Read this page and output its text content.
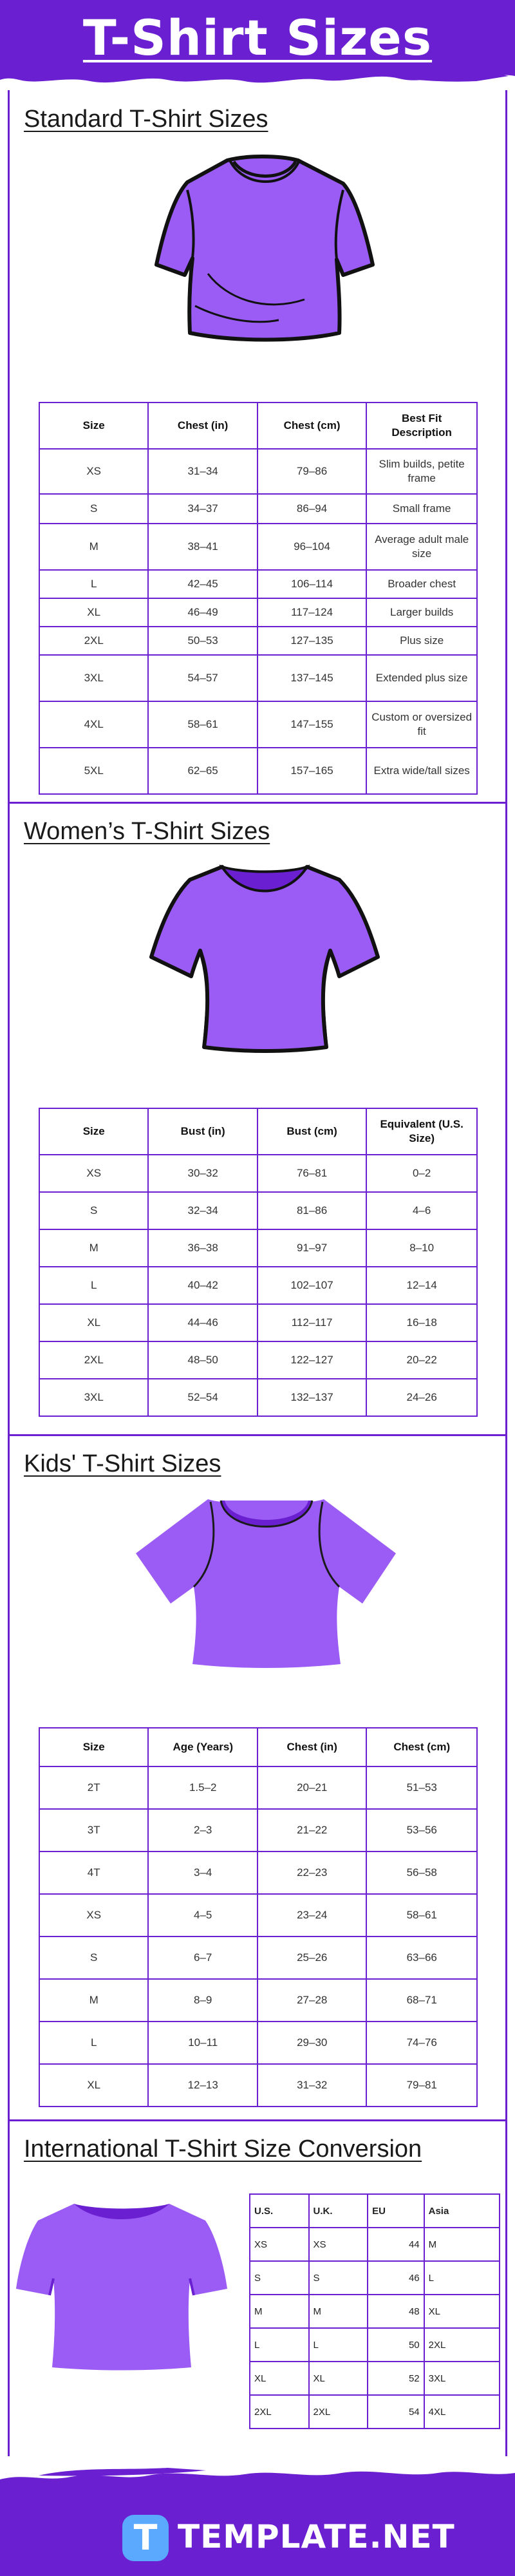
T-Shirt Sizes
Standard T-Shirt Sizes
Size	Chest (in)	Chest (cm)	Best Fit Description
XS	31–34	79–86	Slim builds, petite frame
S	34–37	86–94	Small frame
M	38–41	96–104	Average adult male size
L	42–45	106–114	Broader chest
XL	46–49	117–124	Larger builds
2XL	50–53	127–135	Plus size
3XL	54–57	137–145	Extended plus size
4XL	58–61	147–155	Custom or oversized fit
5XL	62–65	157–165	Extra wide/tall sizes
Women’s T-Shirt Sizes
Size	Bust (in)	Bust (cm)	Equivalent (U.S. Size)
XS	30–32	76–81	0–2
S	32–34	81–86	4–6
M	36–38	91–97	8–10
L	40–42	102–107	12–14
XL	44–46	112–117	16–18
2XL	48–50	122–127	20–22
3XL	52–54	132–137	24–26
Kids' T-Shirt Sizes
Size	Age (Years)	Chest (in)	Chest (cm)
2T	1.5–2	20–21	51–53
3T	2–3	21–22	53–56
4T	3–4	22–23	56–58
XS	4–5	23–24	58–61
S	6–7	25–26	63–66
M	8–9	27–28	68–71
L	10–11	29–30	74–76
XL	12–13	31–32	79–81
International T-Shirt Size Conversion
U.S.	U.K.	EU	Asia
XS	XS	44	M
S	S	46	L
M	M	48	XL
L	L	50	2XL
XL	XL	52	3XL
2XL	2XL	54	4XL
T TEMPLATE.NET
